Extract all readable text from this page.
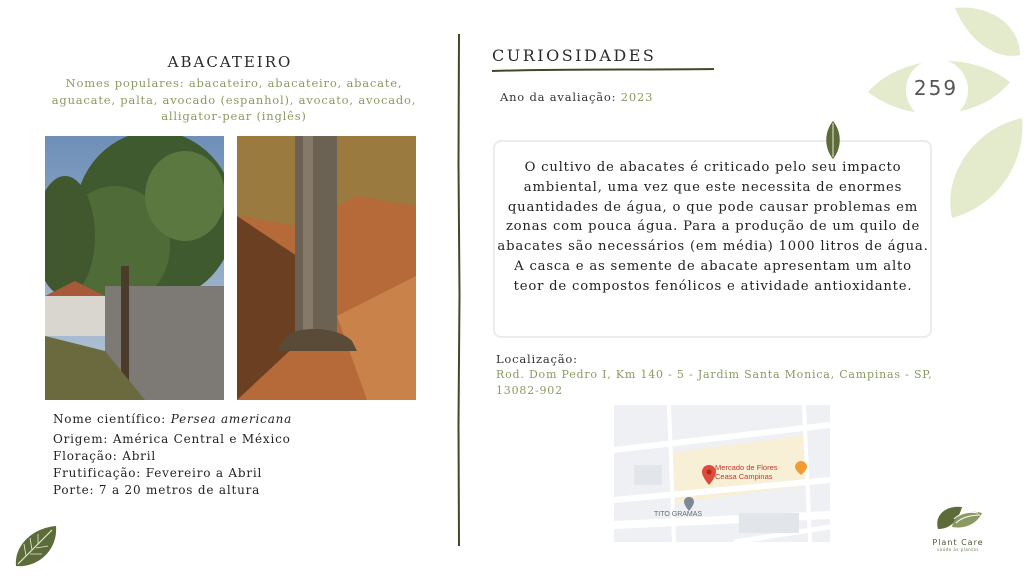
259
ABACATEIRO
Nomes populares: abacateiro, abacateiro, abacate, aguacate, palta, avocado (espanhol), avocato, avocado, alligator-pear (inglês)
Nome científico: Persea americana
Origem: América Central e México
Floração: Abril
Frutificação: Fevereiro a Abril
Porte: 7 a 20 metros de altura
CURIOSIDADES
Ano da avaliação: 2023
O cultivo de abacates é criticado pelo seu impacto ambiental, uma vez que este necessita de enormes quantidades de água, o que pode causar problemas em zonas com pouca água. Para a produção de um quilo de abacates são necessários (em média) 1000 litros de água. A casca e as semente de abacate apresentam um alto teor de compostos fenólicos e atividade antioxidante.
Localização:
Rod. Dom Pedro I, Km 140 - 5 - Jardim Santa Monica, Campinas - SP, 13082-902
Mercado de Flores Ceasa Campinas
TITO GRAMAS
Plant Care
saúde às plantas
